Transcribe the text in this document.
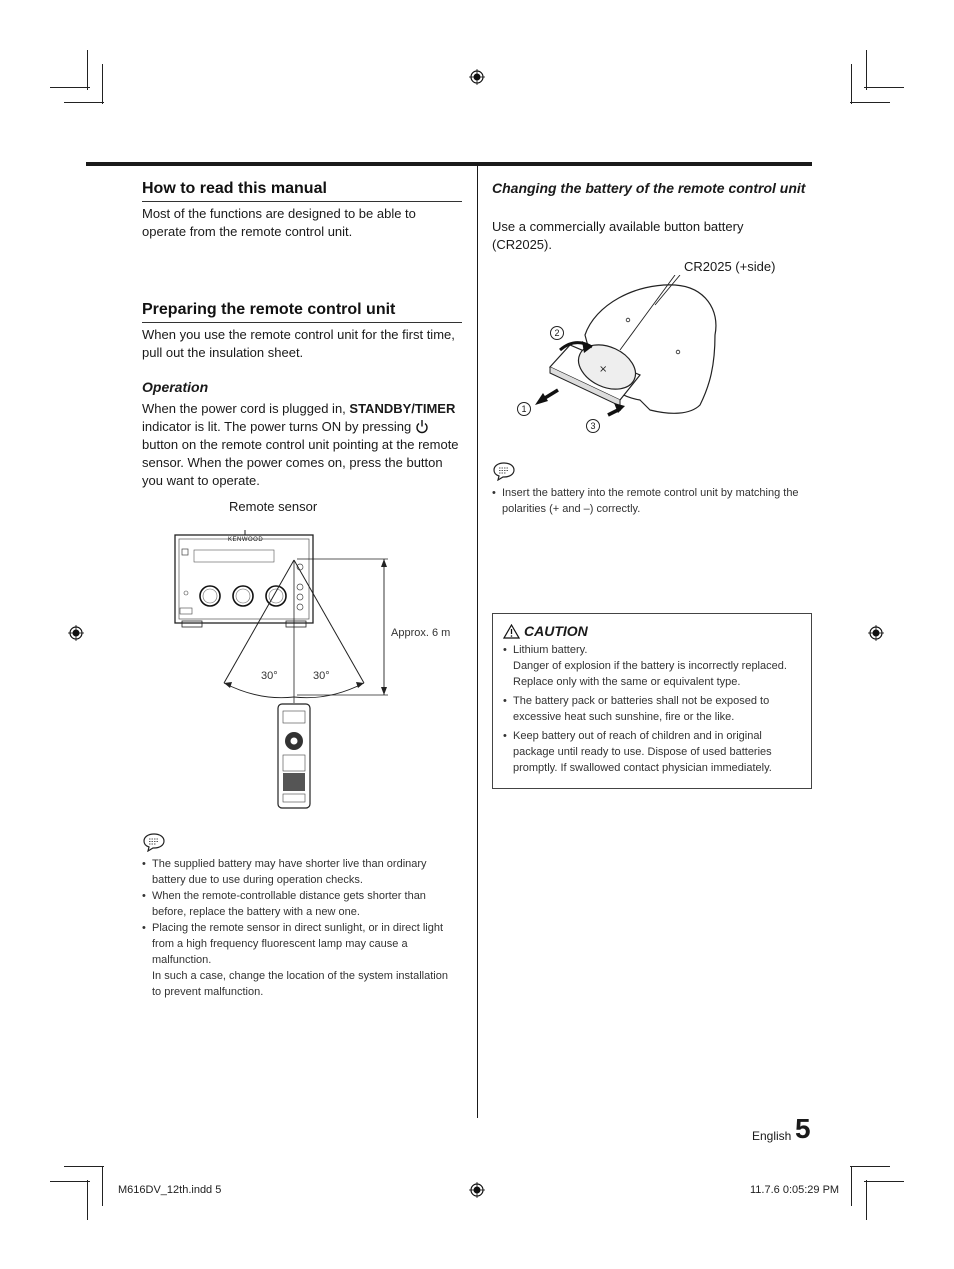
How to read this manual

Most of the functions are designed to be able to operate from the remote control unit.

Preparing the remote control unit

When you use the remote control unit for the first time, pull out the insulation sheet.

Operation
When the power cord is plugged in, STANDBY/TIMER
indicator is lit. The power turns ON by pressing
button on the remote control unit pointing at the remote sensor. When the power comes on, press the button you want to operate.
Remote sensor
KENWOOD
Approx. 6 m
30°	30°
• The supplied battery may have shorter live than ordinary battery due to use during operation checks.
• When the remote-controllable distance gets shorter than before, replace the battery with a new one.
• Placing the remote sensor in direct sunlight, or in direct light from a high frequency fluorescent lamp may cause a malfunction.
In such a case, change the location of the system installation to prevent malfunction.
Changing the battery of the remote control unit

Use a commercially available button battery (CR2025).

CR2025 (+side)
×
2
1
3
• Insert the battery into the remote control unit by matching the polarities (+ and –) correctly.
CAUTION
• Lithium battery.
Danger of explosion if the battery is incorrectly replaced. Replace only with the same or equivalent type.
• The battery pack or batteries shall not be exposed to excessive heat such sunshine, fire or the like.
• Keep battery out of reach of children and in original package until ready to use. Dispose of used batteries promptly. If swallowed contact physician immediately.
English 5
M616DV_12th.indd 5	11.7.6 0:05:29 PM
